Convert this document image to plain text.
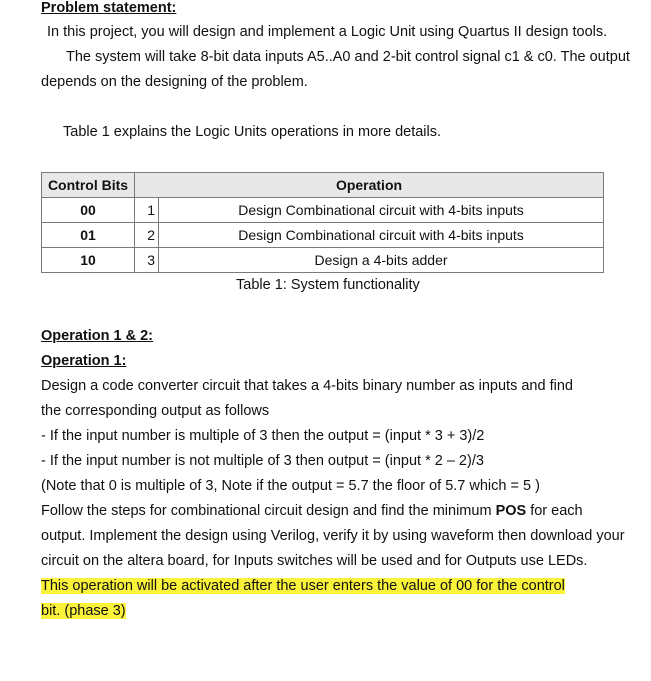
Problem statement:
In this project, you will design and implement a Logic Unit using Quartus II design tools.
The system will take 8-bit data inputs A5..A0 and 2-bit control signal c1 & c0. The output
depends on the designing of the problem.
Table 1 explains the Logic Units operations in more details.
Control Bits	Operation	
00	1	Design Combinational circuit with 4-bits inputs
01	2	Design Combinational circuit with 4-bits inputs
10	3	Design a 4-bits adder
Table 1: System functionality
Operation 1 & 2:
Operation 1:
Design a code converter circuit that takes a 4-bits binary number as inputs and find
the corresponding output as follows
- If the input number is multiple of 3 then the output = (input * 3 + 3)/2
- If the input number is not multiple of 3 then output = (input * 2 – 2)/3
(Note that 0 is multiple of 3, Note if the output = 5.7 the floor of 5.7 which = 5 )
Follow the steps for combinational circuit design and find the minimum POS for each
output. Implement the design using Verilog, verify it by using waveform then download your
circuit on the altera board, for Inputs switches will be used and for Outputs use LEDs.
This operation will be activated after the user enters the value of 00 for the control
bit. (phase 3)
